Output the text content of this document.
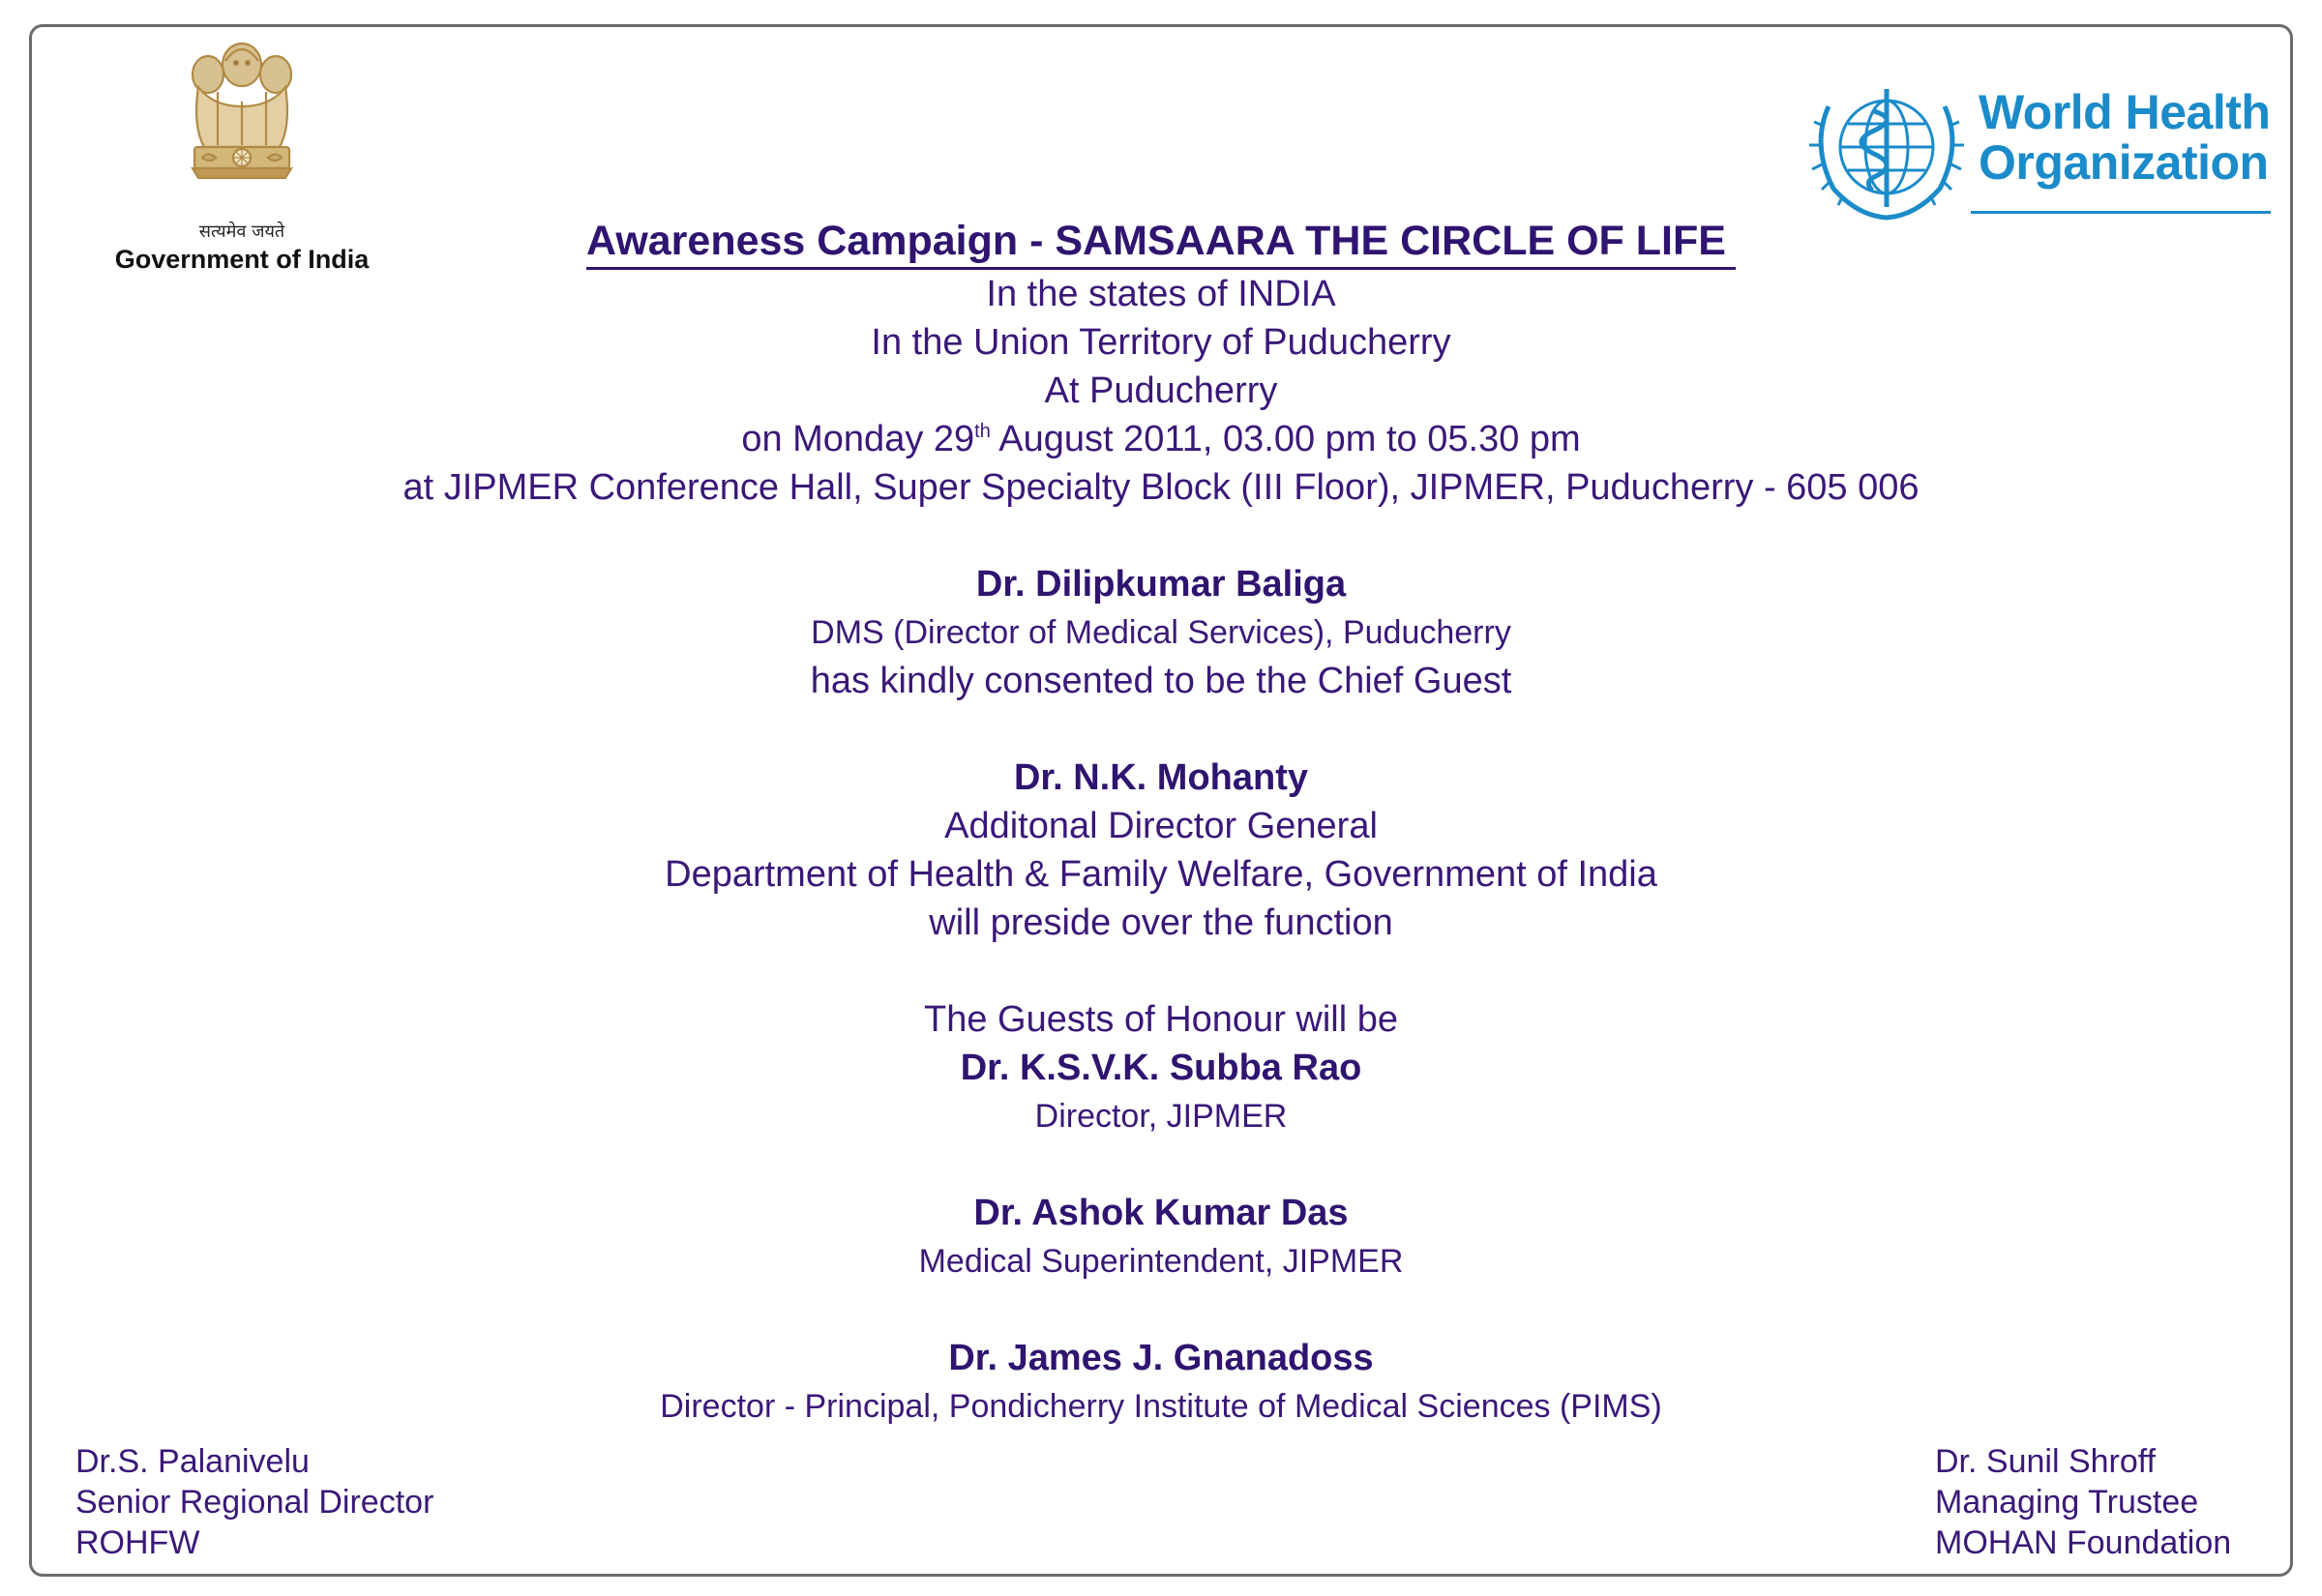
सत्यमेव जयते
Government of India
World Health
Organization
Awareness Campaign - SAMSAARA THE CIRCLE OF LIFE
In the states of INDIA
In the Union Territory of Puducherry
At Puducherry
on Monday 29th August 2011, 03.00 pm to 05.30 pm
at JIPMER Conference Hall, Super Specialty Block (III Floor), JIPMER, Puducherry - 605 006
Dr. Dilipkumar Baliga
DMS (Director of Medical Services), Puducherry
has kindly consented to be the Chief Guest
Dr. N.K. Mohanty
Additonal Director General
Department of Health & Family Welfare, Government of India
will preside over the function
The Guests of Honour will be
Dr. K.S.V.K. Subba Rao
Director, JIPMER
Dr. Ashok Kumar Das
Medical Superintendent, JIPMER
Dr. James J. Gnanadoss
Director - Principal, Pondicherry Institute of Medical Sciences (PIMS)
Dr.S. Palanivelu
Senior Regional Director
ROHFW
Dr. Sunil Shroff
Managing Trustee
MOHAN Foundation
